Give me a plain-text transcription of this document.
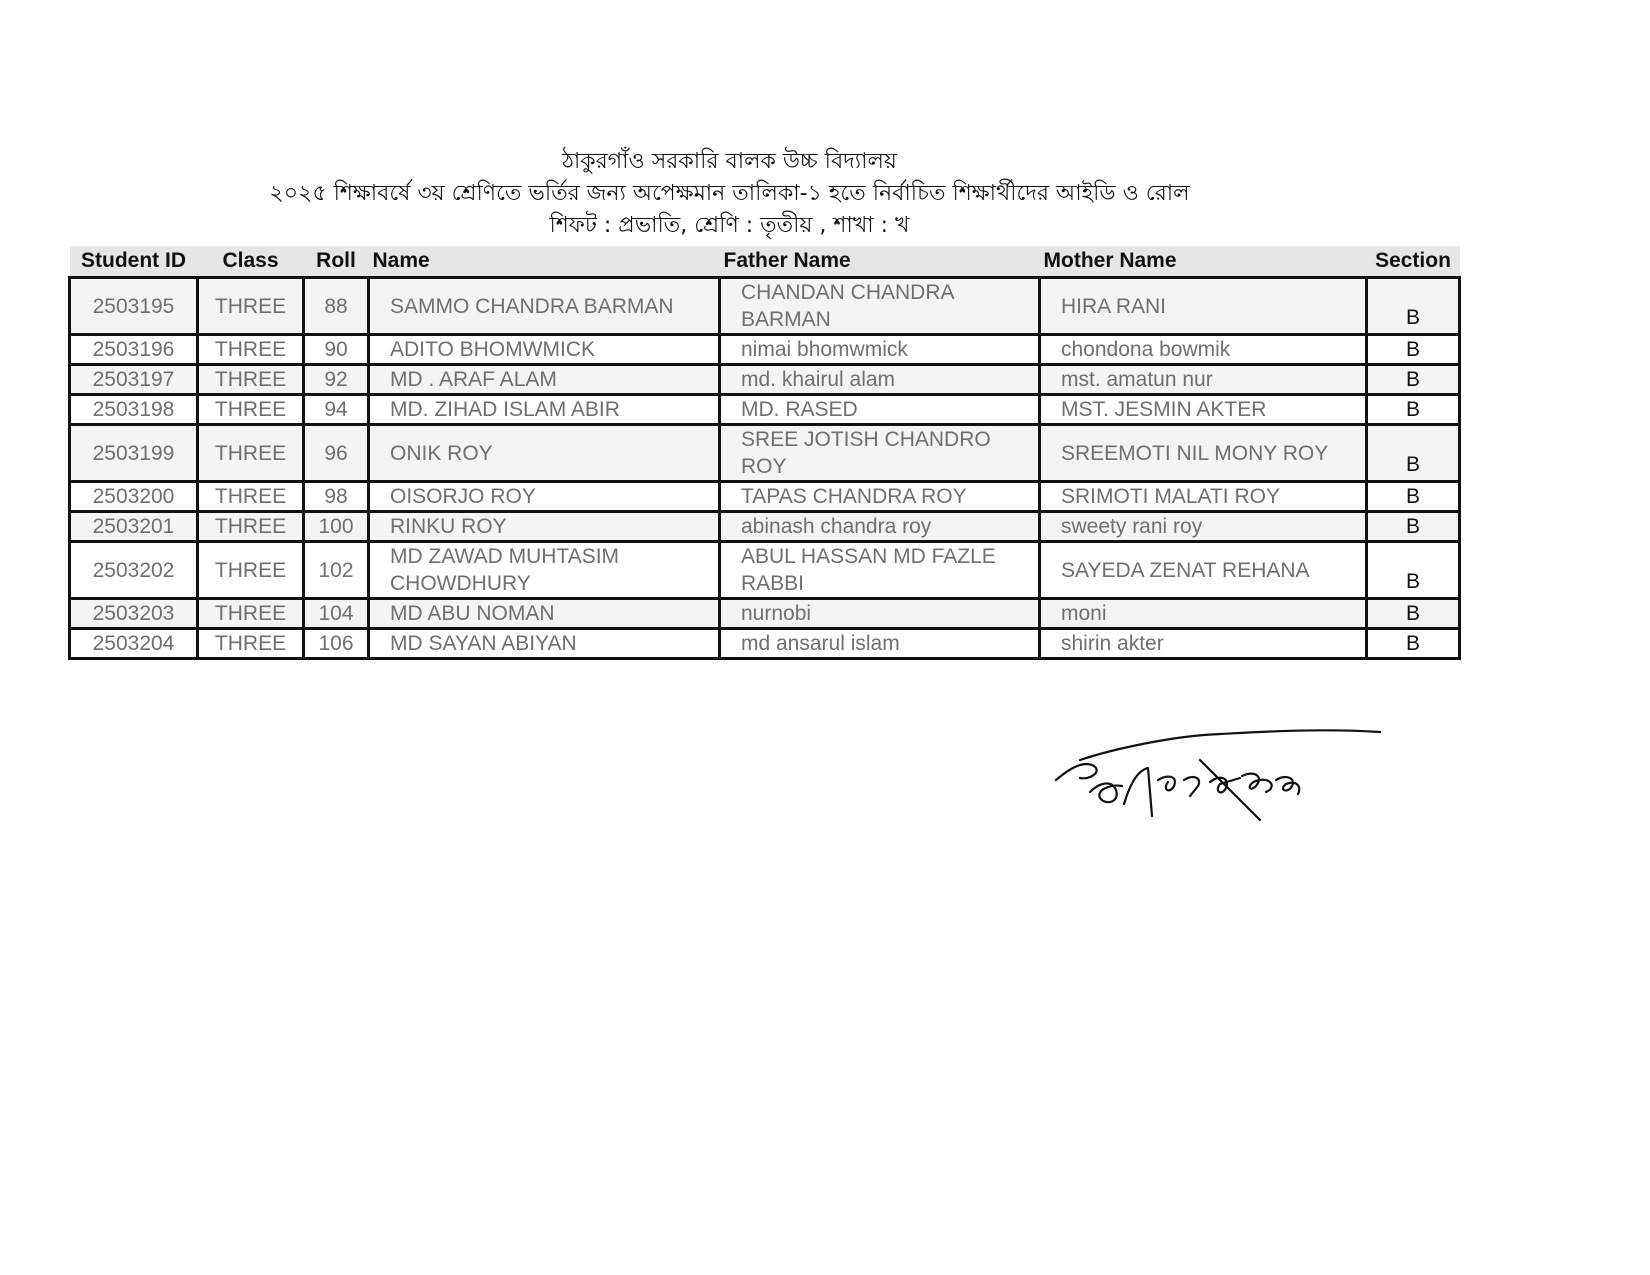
ঠাকুরগাঁও সরকারি বালক উচ্চ বিদ্যালয়
২০২৫ শিক্ষাবর্ষে ৩য় শ্রেণিতে ভর্তির জন্য অপেক্ষমান তালিকা-১ হতে নির্বাচিত শিক্ষার্থীদের আইডি ও রোল
শিফট : প্রভাতি, শ্রেণি : তৃতীয় , শাখা : খ
Student ID	Class	Roll	Name	Father Name	Mother Name	Section
2503195	THREE	88	SAMMO CHANDRA BARMAN	CHANDAN CHANDRA BARMAN	HIRA RANI	B
2503196	THREE	90	ADITO BHOMWMICK	nimai bhomwmick	chondona bowmik	B
2503197	THREE	92	MD . ARAF ALAM	md. khairul alam	mst. amatun nur	B
2503198	THREE	94	MD. ZIHAD ISLAM ABIR	MD. RASED	MST. JESMIN AKTER	B
2503199	THREE	96	ONIK ROY	SREE JOTISH CHANDRO ROY	SREEMOTI NIL MONY ROY	B
2503200	THREE	98	OISORJO ROY	TAPAS CHANDRA ROY	SRIMOTI MALATI ROY	B
2503201	THREE	100	RINKU ROY	abinash chandra roy	sweety rani roy	B
2503202	THREE	102	MD ZAWAD MUHTASIM CHOWDHURY	ABUL HASSAN MD FAZLE RABBI	SAYEDA ZENAT REHANA	B
2503203	THREE	104	MD ABU NOMAN	nurnobi	moni	B
2503204	THREE	106	MD SAYAN ABIYAN	md ansarul islam	shirin akter	B
